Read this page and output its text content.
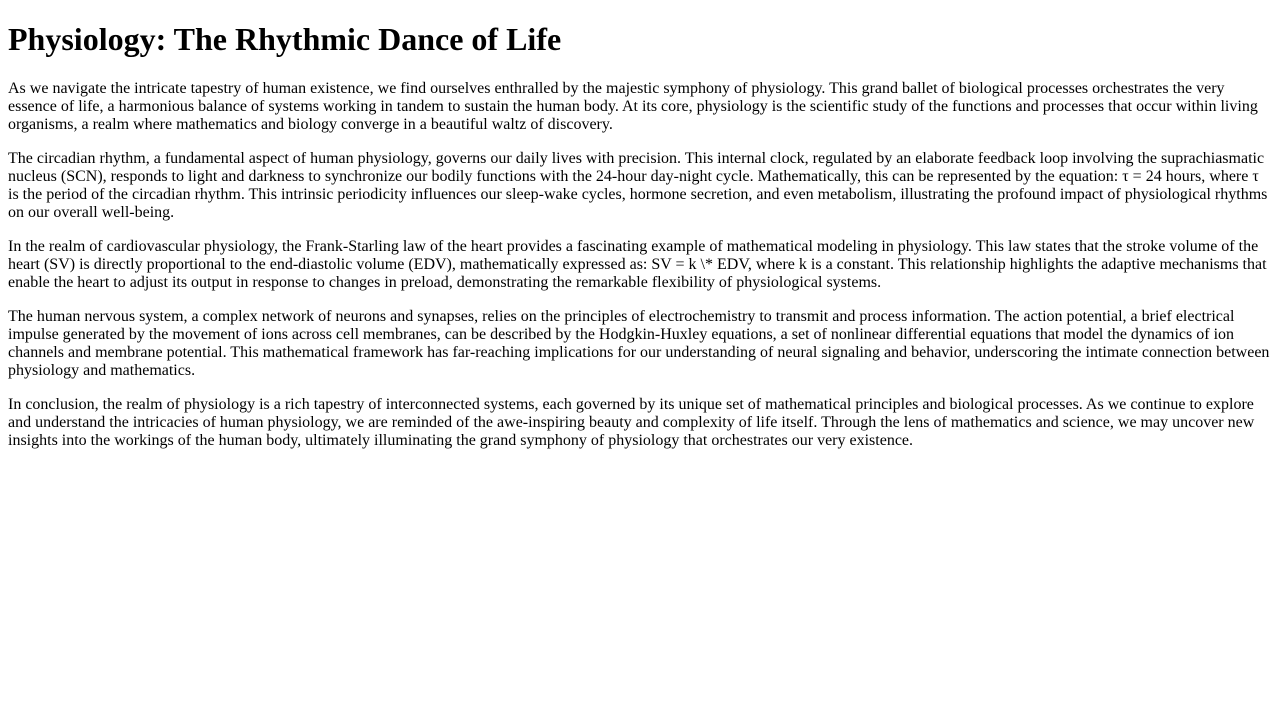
Physiology: The Rhythmic Dance of Life

As we navigate the intricate tapestry of human existence, we find ourselves enthralled by the majestic symphony of physiology. This grand ballet of biological processes orchestrates the very essence of life, a harmonious balance of systems working in tandem to sustain the human body. At its core, physiology is the scientific study of the functions and processes that occur within living organisms, a realm where mathematics and biology converge in a beautiful waltz of discovery.

The circadian rhythm, a fundamental aspect of human physiology, governs our daily lives with precision. This internal clock, regulated by an elaborate feedback loop involving the suprachiasmatic nucleus (SCN), responds to light and darkness to synchronize our bodily functions with the 24-hour day-night cycle. Mathematically, this can be represented by the equation: τ = 24 hours, where τ is the period of the circadian rhythm. This intrinsic periodicity influences our sleep-wake cycles, hormone secretion, and even metabolism, illustrating the profound impact of physiological rhythms on our overall well-being.

In the realm of cardiovascular physiology, the Frank-Starling law of the heart provides a fascinating example of mathematical modeling in physiology. This law states that the stroke volume of the heart (SV) is directly proportional to the end-diastolic volume (EDV), mathematically expressed as: SV = k \* EDV, where k is a constant. This relationship highlights the adaptive mechanisms that enable the heart to adjust its output in response to changes in preload, demonstrating the remarkable flexibility of physiological systems.

The human nervous system, a complex network of neurons and synapses, relies on the principles of electrochemistry to transmit and process information. The action potential, a brief electrical impulse generated by the movement of ions across cell membranes, can be described by the Hodgkin-Huxley equations, a set of nonlinear differential equations that model the dynamics of ion channels and membrane potential. This mathematical framework has far-reaching implications for our understanding of neural signaling and behavior, underscoring the intimate connection between physiology and mathematics.

In conclusion, the realm of physiology is a rich tapestry of interconnected systems, each governed by its unique set of mathematical principles and biological processes. As we continue to explore and understand the intricacies of human physiology, we are reminded of the awe-inspiring beauty and complexity of life itself. Through the lens of mathematics and science, we may uncover new insights into the workings of the human body, ultimately illuminating the grand symphony of physiology that orchestrates our very existence.
